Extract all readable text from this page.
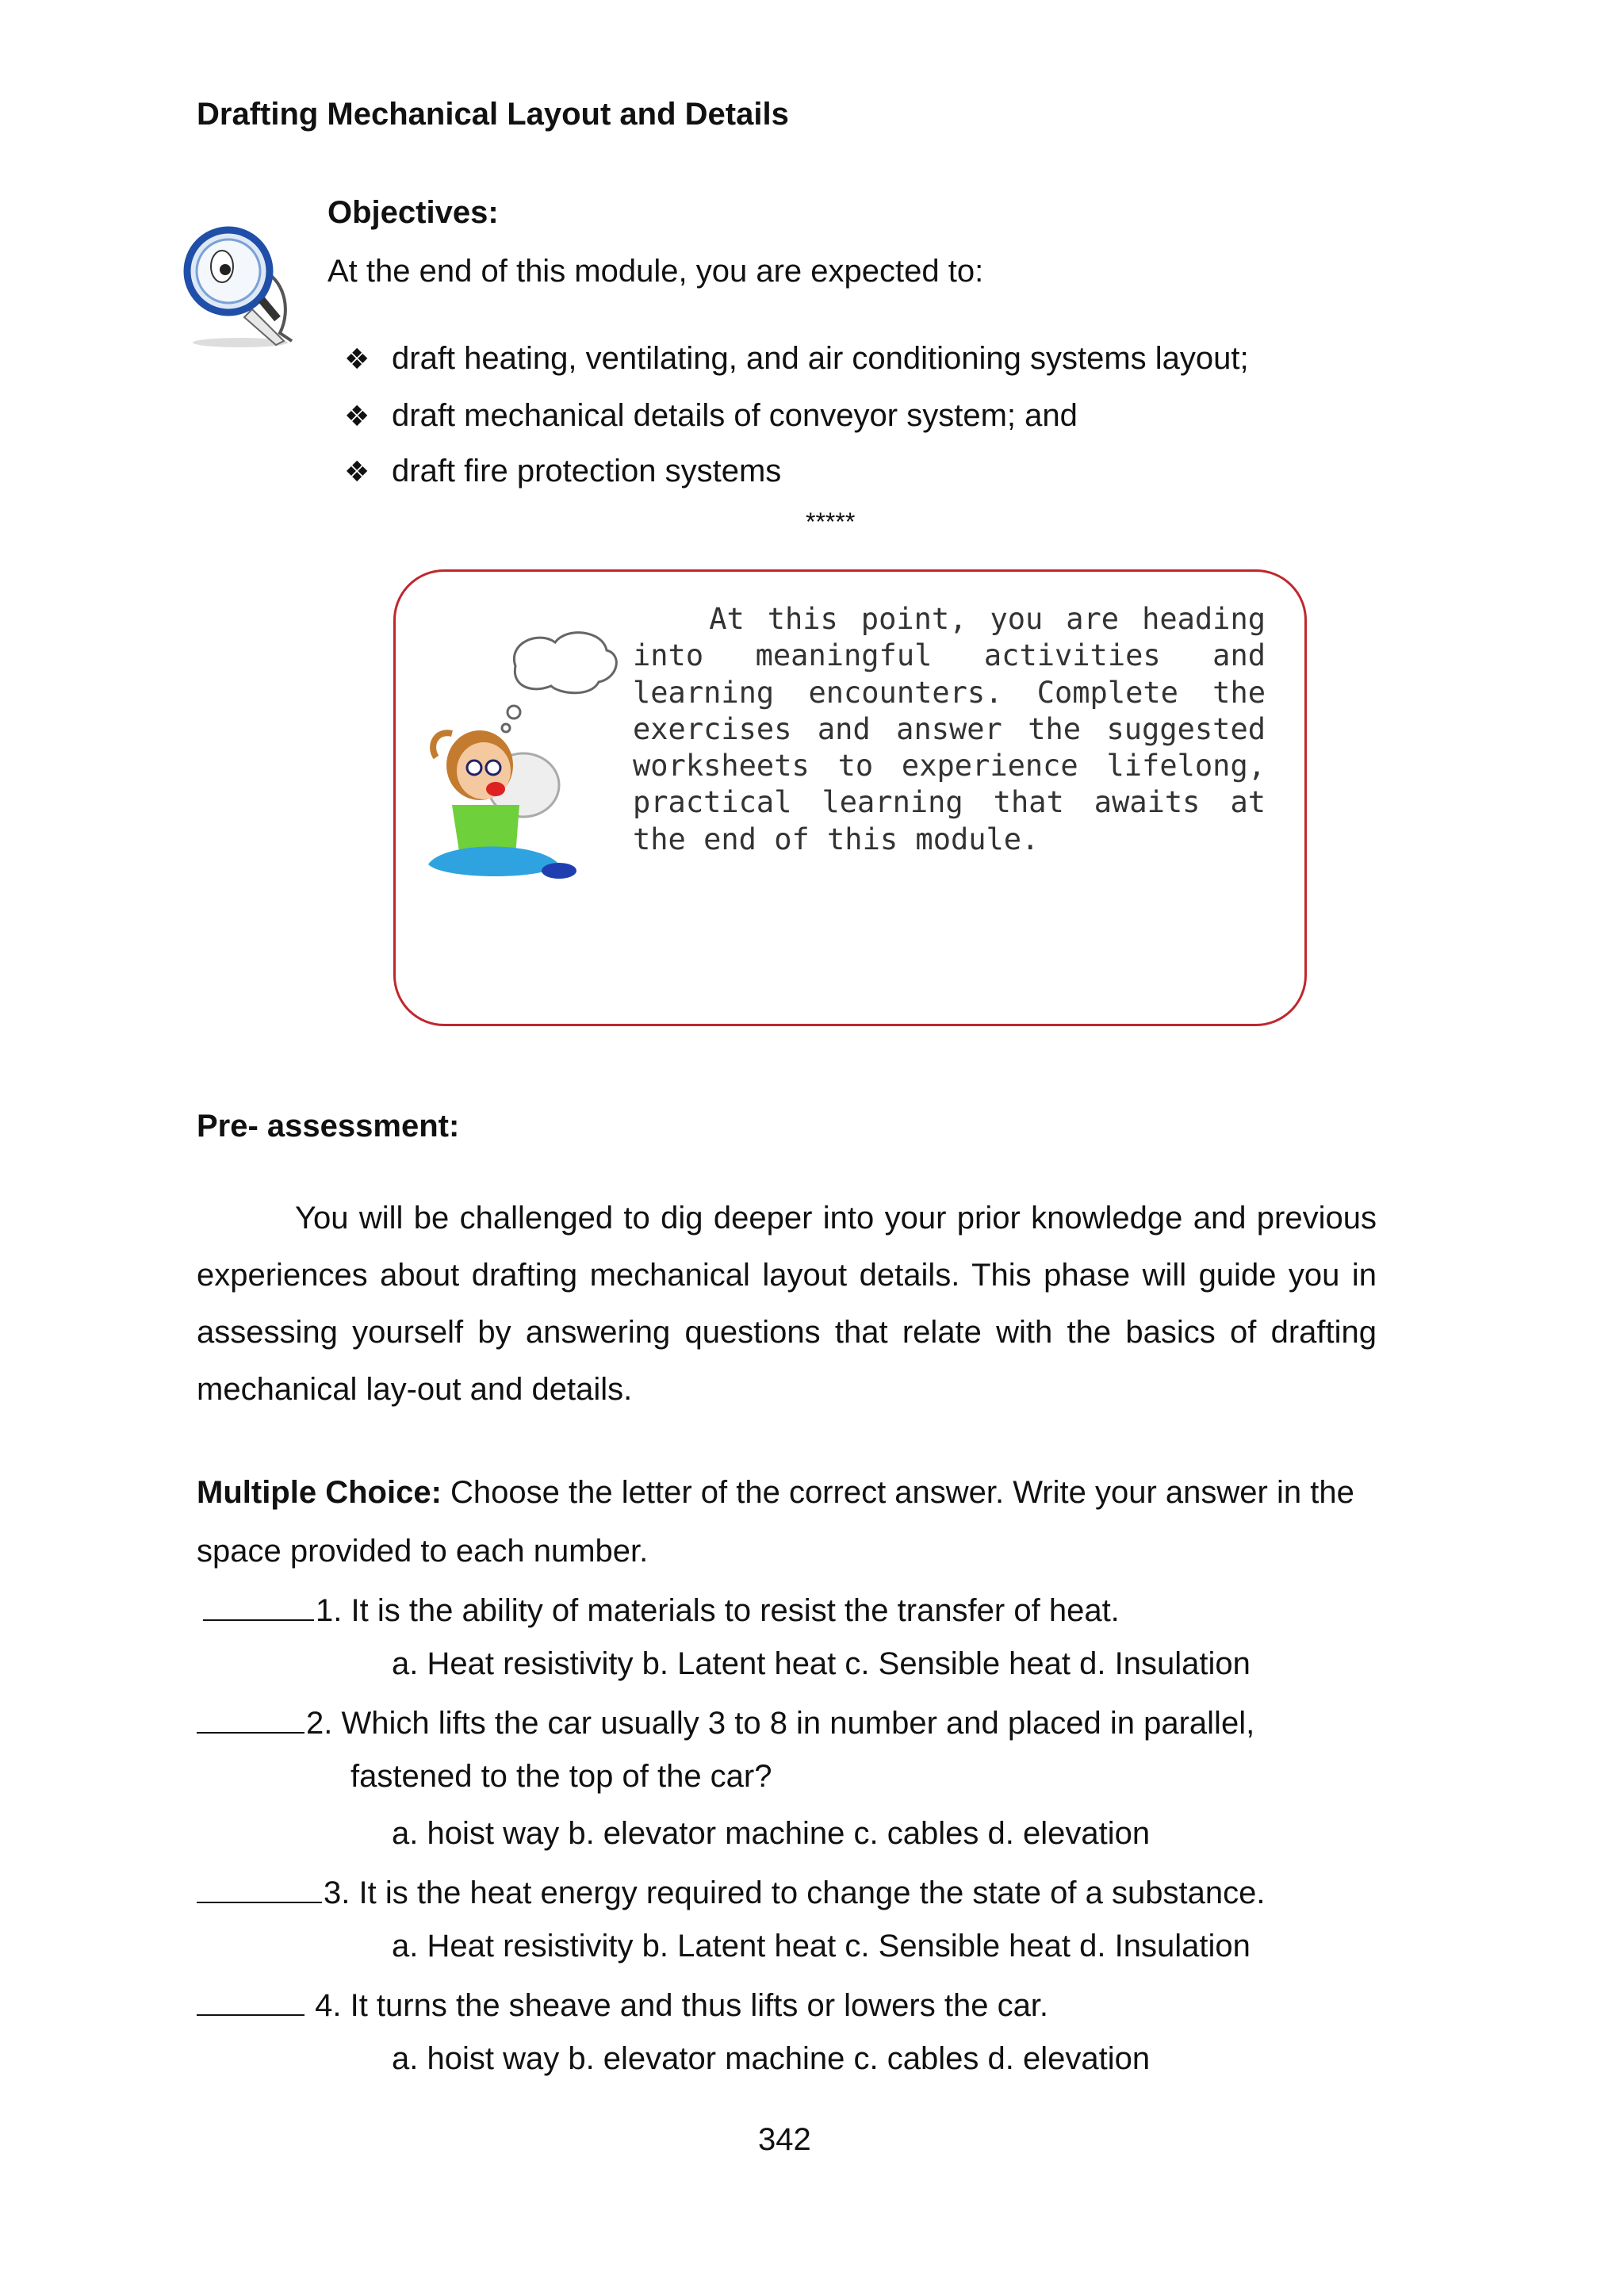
Drafting Mechanical Layout and Details
Objectives:
At the end of this module, you are expected to:
❖ draft heating, ventilating, and air conditioning systems layout;
❖ draft mechanical details of conveyor system; and
❖ draft fire protection systems
*****
At this point, you are heading into meaningful activities and learning encounters. Complete the exercises and answer the suggested worksheets to experience lifelong, practical learning that awaits at the end of this module.
Pre- assessment:
You will be challenged to dig deeper into your prior knowledge and previous experiences about drafting mechanical layout details. This phase will guide you in assessing yourself by answering questions that relate with the basics of drafting mechanical lay-out and details.
Multiple Choice: Choose the letter of the correct answer. Write your answer in the
space provided to each number.
1. It is the ability of materials to resist the transfer of heat.
a. Heat resistivity b. Latent heat c. Sensible heat d. Insulation
2. Which lifts the car usually 3 to 8 in number and placed in parallel,
fastened to the top of the car?
a. hoist way b. elevator machine c. cables d. elevation
3. It is the heat energy required to change the state of a substance.
a. Heat resistivity b. Latent heat c. Sensible heat d. Insulation
4. It turns the sheave and thus lifts or lowers the car.
a. hoist way b. elevator machine c. cables d. elevation
342
